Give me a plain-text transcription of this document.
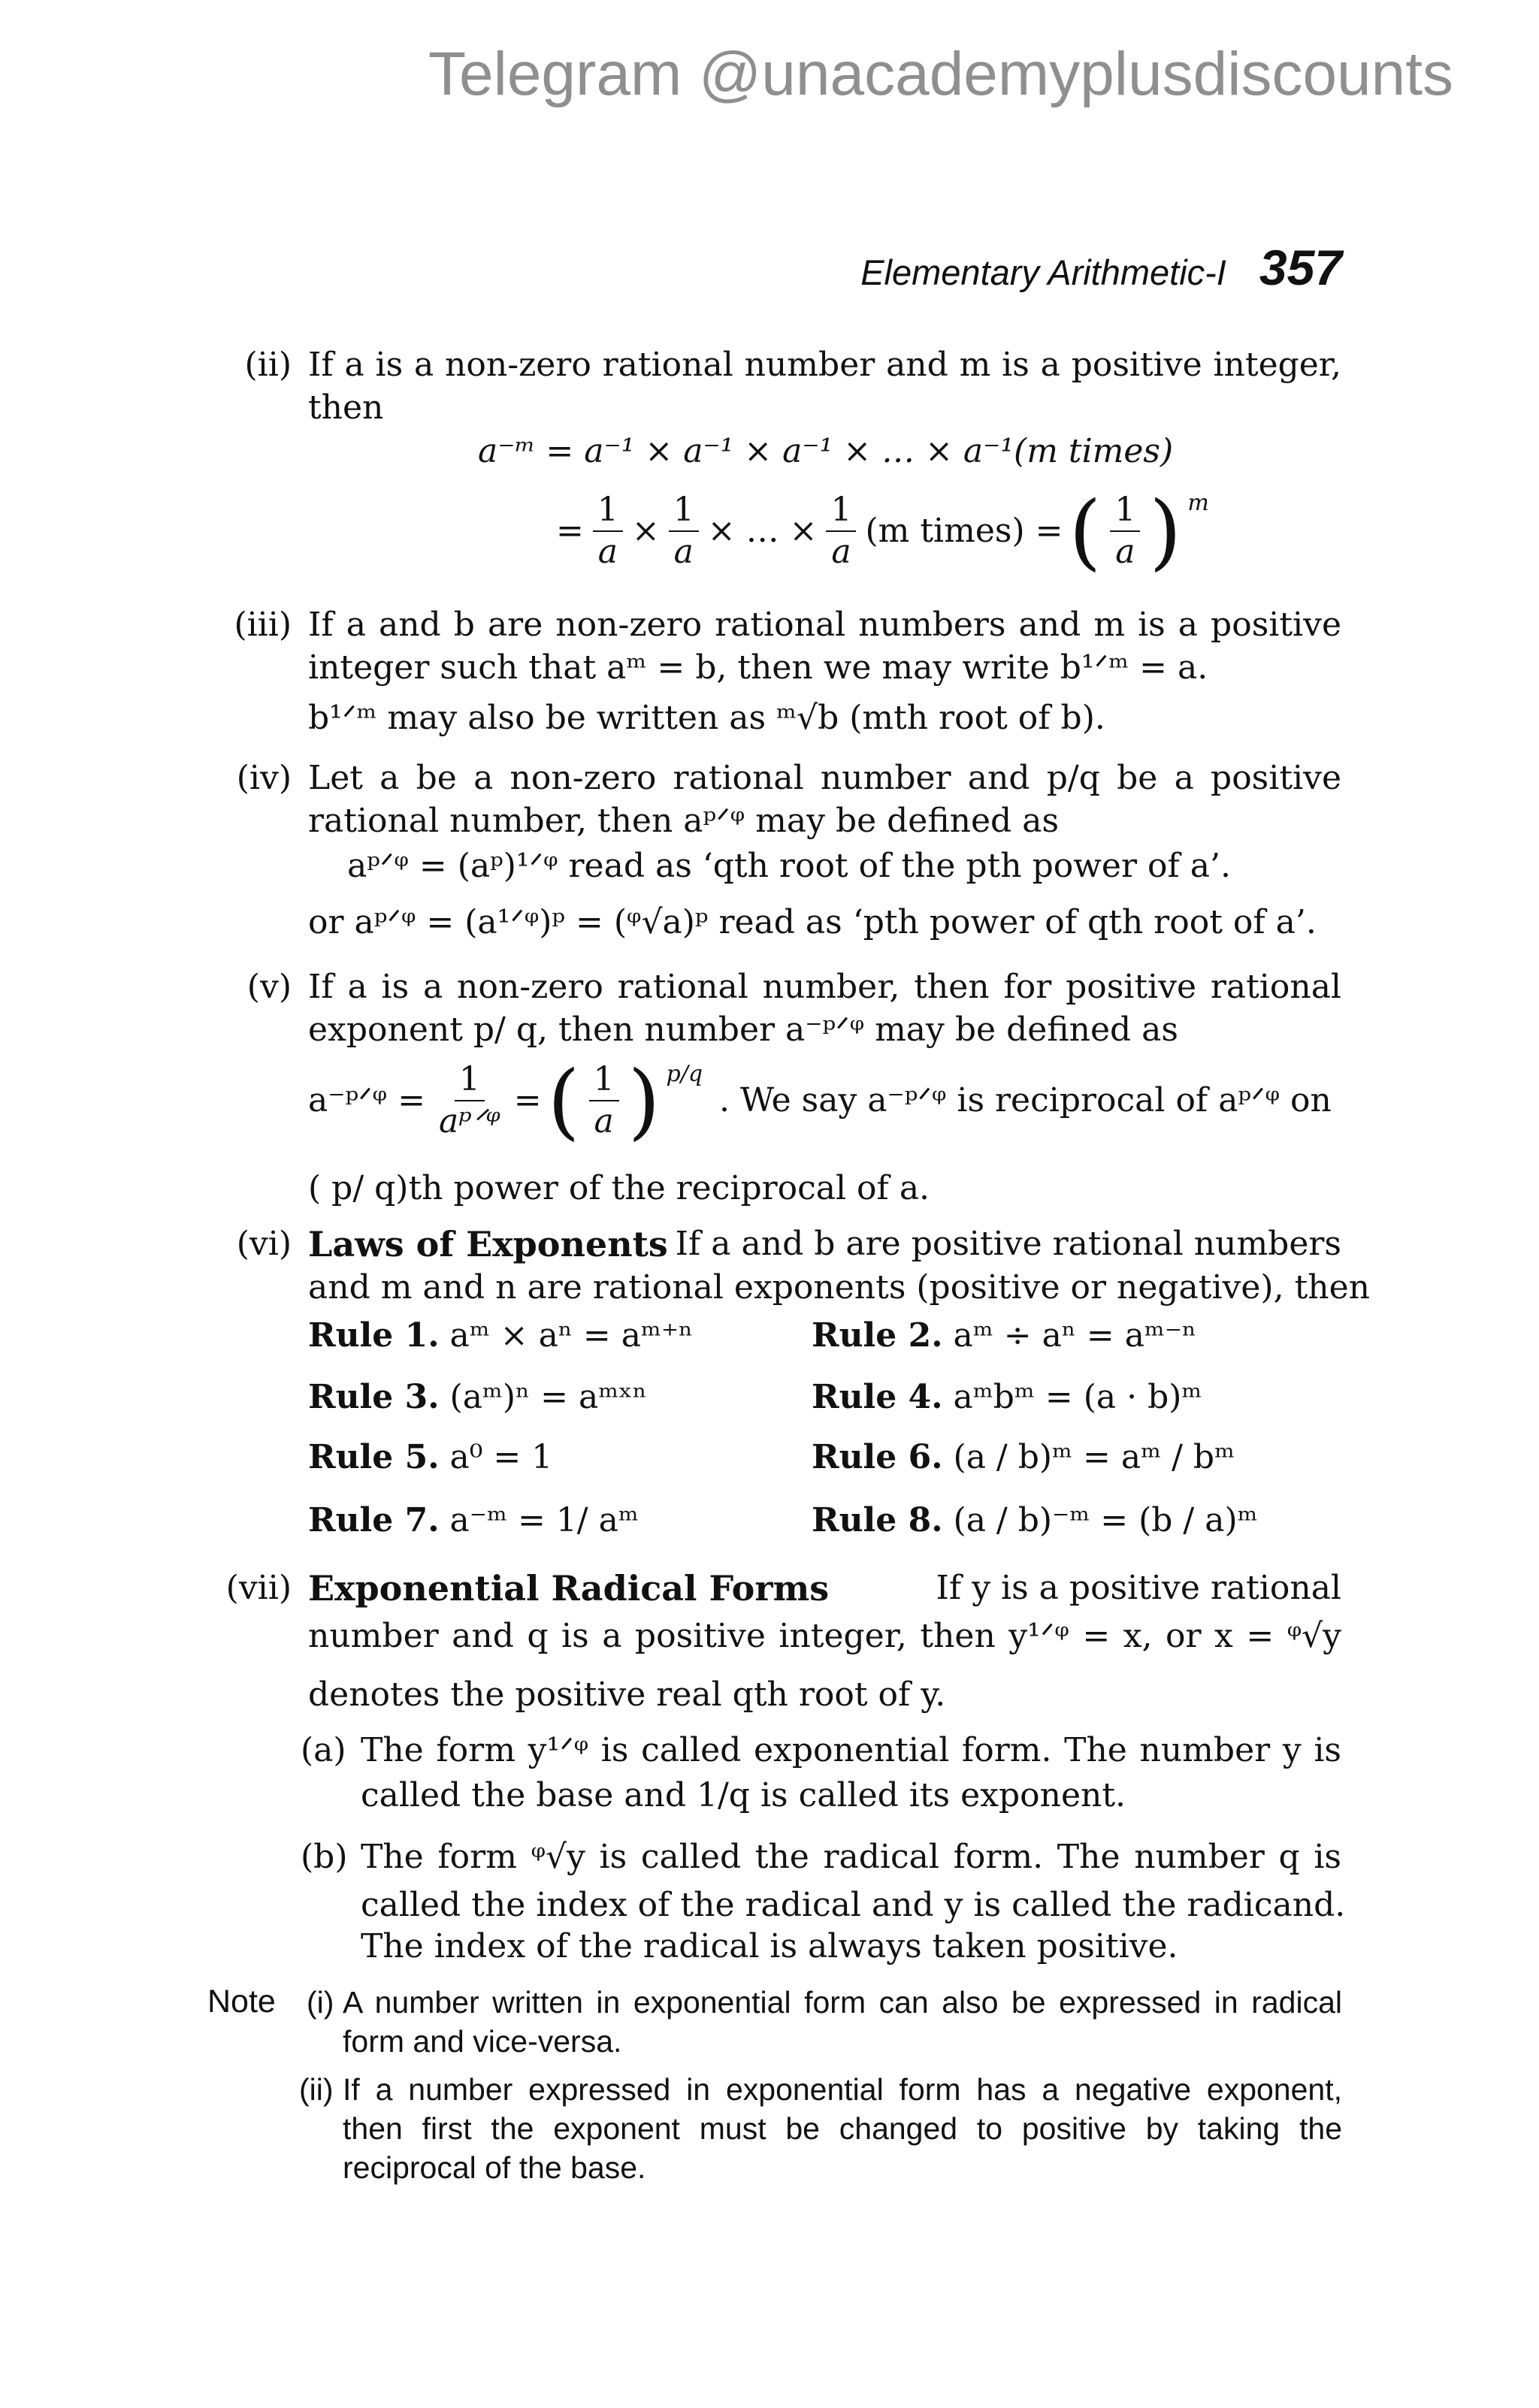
Telegram @unacademyplusdiscounts
Elementary Arithmetic-I 357
(ii) If a is a non-zero rational number and m is a positive integer,
then
a⁻ᵐ = a⁻¹ × a⁻¹ × a⁻¹ × … × a⁻¹(m times)
= $\frac{1}{a} \times \frac{1}{a}$ × … × $\frac{1}{a} (m$ times) = ( $\frac{1}{a}$ ) m
(iii) If a and b are non-zero rational numbers and m is a positive
integer such that aᵐ = b, then we may write b¹ᐟᵐ = a.
b¹ᐟᵐ may also be written as ᵐ√b (mth root of b).
(iv) Let a be a non-zero rational number and p/q be a positive
rational number, then aᵖᐟᵠ may be defined as
aᵖᐟᵠ = (aᵖ)¹ᐟᵠ read as ‘qth root of the pth power of a’.
or aᵖᐟᵠ = (a¹ᐟᵠ)ᵖ = (ᵠ√a)ᵖ read as ‘pth power of qth root of a’.
(v) If a is a non-zero rational number, then for positive rational
exponent p/ q, then number a⁻ᵖᐟᵠ may be defined as
a⁻ᵖᐟᵠ = $\frac{1}{\text{aᵖᐟᵠ}}$ = ( $\frac{1}{a}$ ) p/q
. We say a⁻ᵖᐟᵠ is reciprocal of aᵖᐟᵠ on
( p/ q)th power of the reciprocal of a.
(vi) Laws of Exponents If a and b are positive rational numbers
and m and n are rational exponents (positive or negative), then
Rule 1. aᵐ × aⁿ = aᵐ⁺ⁿ	Rule 2. aᵐ ÷ aⁿ = aᵐ⁻ⁿ
Rule 3. (aᵐ)ⁿ = aᵐˣⁿ	Rule 4. aᵐbᵐ = (a · b)ᵐ
Rule 5. a⁰ = 1	Rule 6. (a / b)ᵐ = aᵐ / bᵐ
Rule 7. a⁻ᵐ = 1/ aᵐ	Rule 8. (a / b)⁻ᵐ = (b / a)ᵐ
(vii) Exponential Radical Forms	If y is a positive rational
number and q is a positive integer, then y¹ᐟᵠ = x, or x = ᵠ√y
denotes the positive real qth root of y.
(a) The form y¹ᐟᵠ is called exponential form. The number y is
called the base and 1/q is called its exponent.
(b) The form ᵠ√y is called the radical form. The number q is
called the index of the radical and y is called the radicand.
The index of the radical is always taken positive.
Note (i) A number written in exponential form can also be expressed in radical
form and vice-versa.
(ii) If a number expressed in exponential form has a negative exponent,
then first the exponent must be changed to positive by taking the
reciprocal of the base.
